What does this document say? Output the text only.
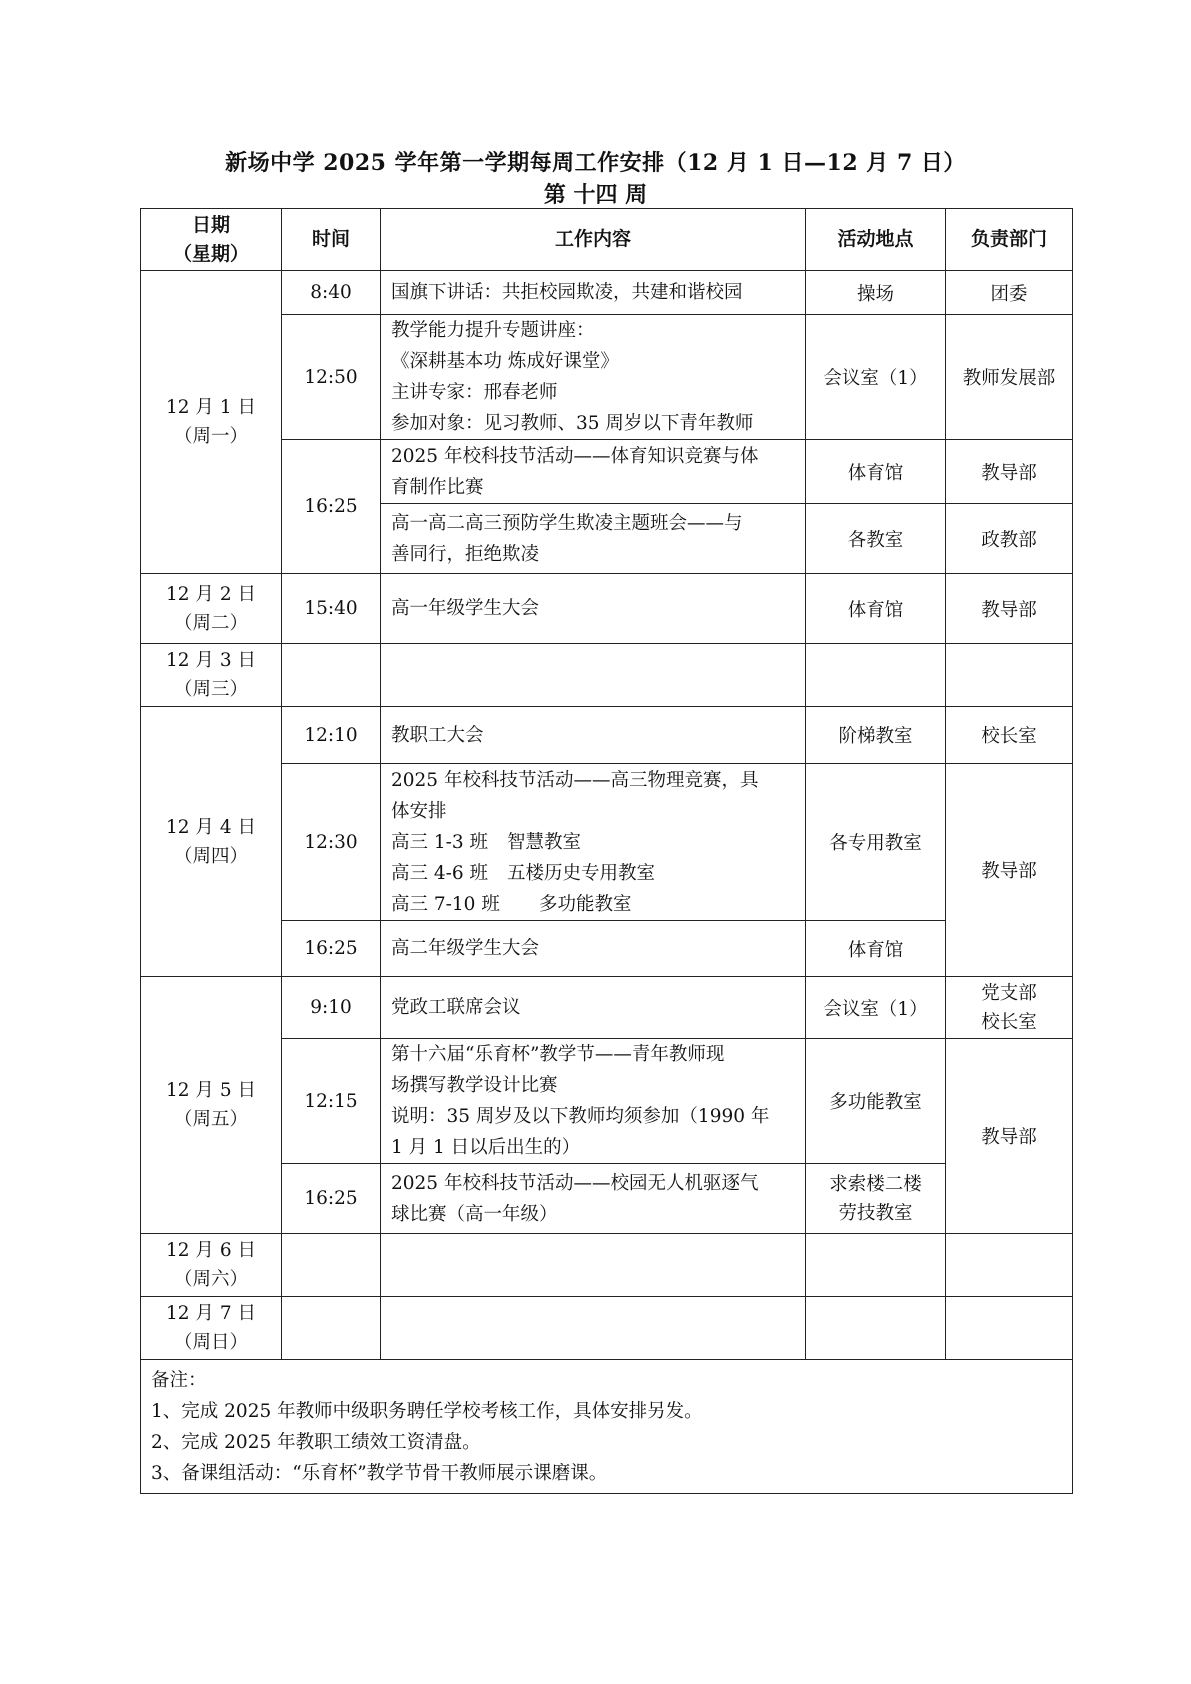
新场中学 2025 学年第一学期每周工作安排（12 月 1 日—12 月 7 日）
第 十四 周
日期
（星期）	时间	工作内容	活动地点	负责部门

12 月 1 日
（周一）	8:40	国旗下讲话：共拒校园欺凌，共建和谐校园	操场	团委
	12:50	教学能力提升专题讲座：
《深耕基本功 炼成好课堂》
主讲专家：邢春老师
参加对象：见习教师、35 周岁以下青年教师	会议室（1）	教师发展部
	16:25	2025 年校科技节活动——体育知识竞赛与体
育制作比赛	体育馆	教导部

		高一高二高三预防学生欺凌主题班会——与
善同行，拒绝欺凌	各教室	政教部

12 月 2 日
（周二）	15:40	高一年级学生大会	体育馆	教导部

12 月 3 日
（周三）				

12 月 4 日
（周四）	12:10	教职工大会	阶梯教室	校长室
	12:30	2025 年校科技节活动——高三物理竞赛，具
体安排
高三 1-3 班 智慧教室
高三 4-6 班 五楼历史专用教室
高三 7-10 班 多功能教室	各专用教室	教导部
	16:25	高二年级学生大会	体育馆	

12 月 5 日
（周五）	9:10	党政工联席会议	会议室（1）	党支部
校长室

	12:15	第十六届“乐育杯”教学节——青年教师现
场撰写教学设计比赛
说明：35 周岁及以下教师均须参加（1990 年
1 月 1 日以后出生的）	多功能教室	教导部
	16:25	2025 年校科技节活动——校园无人机驱逐气
球比赛（高一年级）	求索楼二楼
劳技教室	

12 月 6 日
（周六）				

12 月 7 日
（周日）				

备注：
1、完成 2025 年教师中级职务聘任学校考核工作，具体安排另发。
2、完成 2025 年教职工绩效工资清盘。
3、备课组活动：“乐育杯”教学节骨干教师展示课磨课。				
